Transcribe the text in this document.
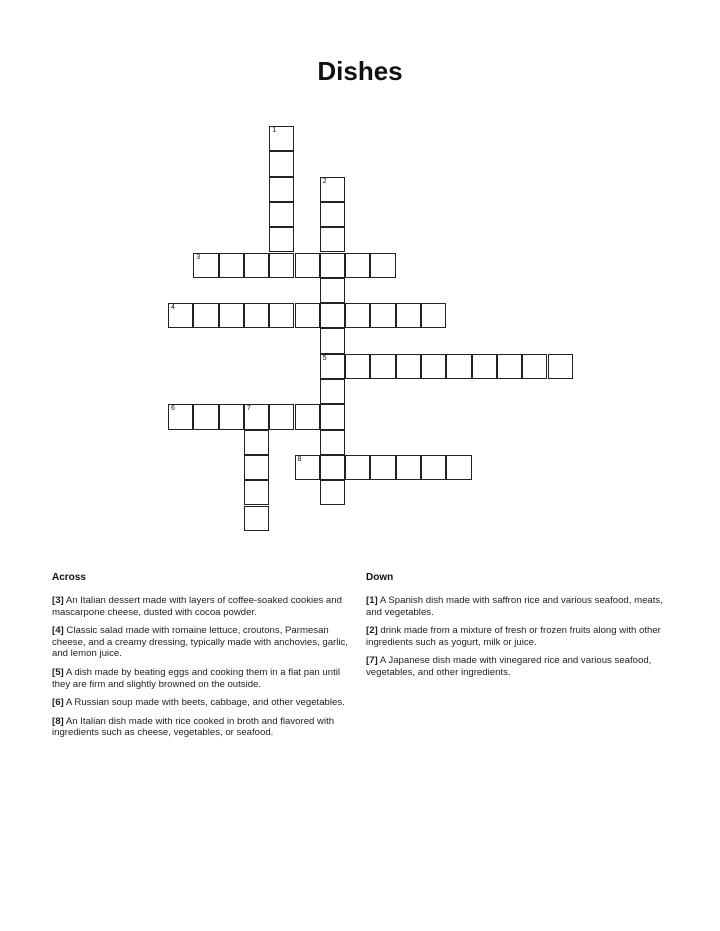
Dishes
1
2
5
3
4
6	7
8
Across
[3] An Italian dessert made with layers of coffee-soaked cookies and mascarpone cheese, dusted with cocoa powder.
[4] Classic salad made with romaine lettuce, croutons, Parmesan cheese, and a creamy dressing, typically made with anchovies, garlic, and lemon juice.
[5] A dish made by beating eggs and cooking them in a flat pan until they are firm and slightly browned on the outside.
[6] A Russian soup made with beets, cabbage, and other vegetables.
[8] An Italian dish made with rice cooked in broth and flavored with ingredients such as cheese, vegetables, or seafood.
Down
[1] A Spanish dish made with saffron rice and various seafood, meats, and vegetables.
[2] drink made from a mixture of fresh or frozen fruits along with other ingredients such as yogurt, milk or juice.
[7] A Japanese dish made with vinegared rice and various seafood, vegetables, and other ingredients.
